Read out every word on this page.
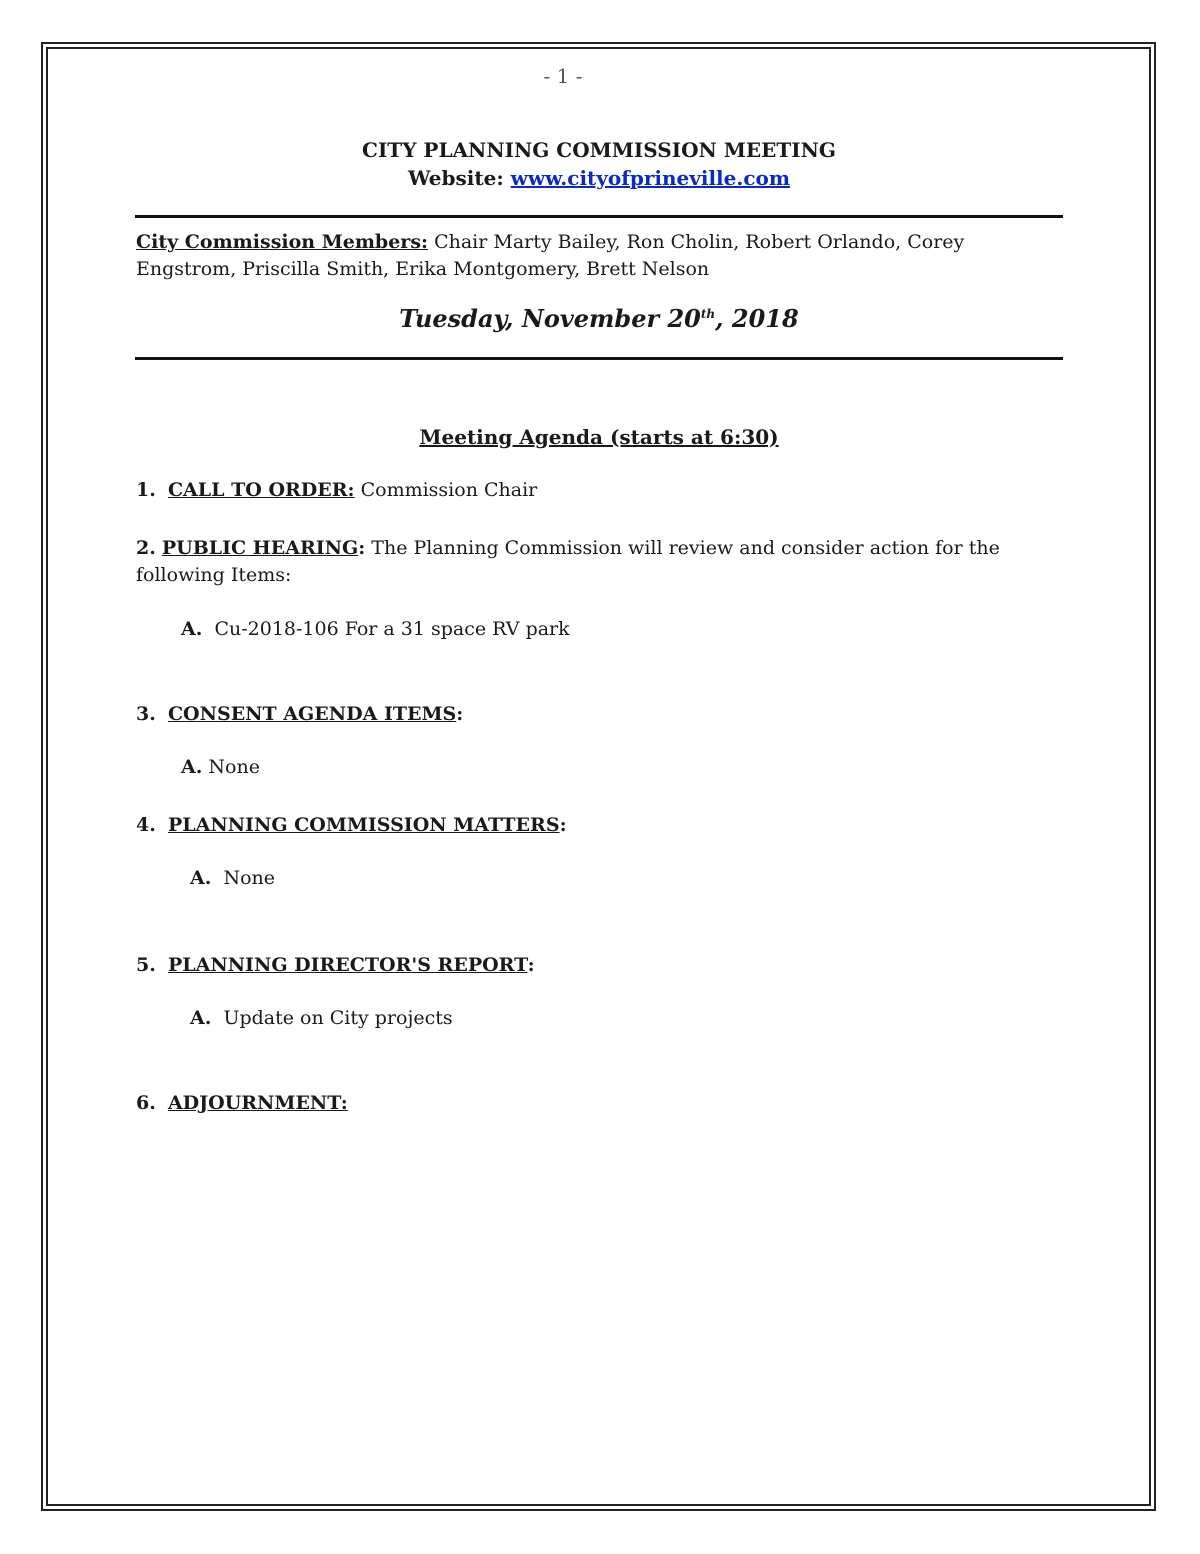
- 1 -
CITY PLANNING COMMISSION MEETING
Website: www.cityofprineville.com
City Commission Members: Chair Marty Bailey, Ron Cholin, Robert Orlando, Corey Engstrom, Priscilla Smith, Erika Montgomery, Brett Nelson
Tuesday, November 20th, 2018
Meeting Agenda (starts at 6:30)
1. CALL TO ORDER: Commission Chair
2. PUBLIC HEARING: The Planning Commission will review and consider action for the following Items:
A. Cu-2018-106 For a 31 space RV park
3. CONSENT AGENDA ITEMS:
A. None
4. PLANNING COMMISSION MATTERS:
A. None
5. PLANNING DIRECTOR'S REPORT:
A. Update on City projects
6. ADJOURNMENT:
